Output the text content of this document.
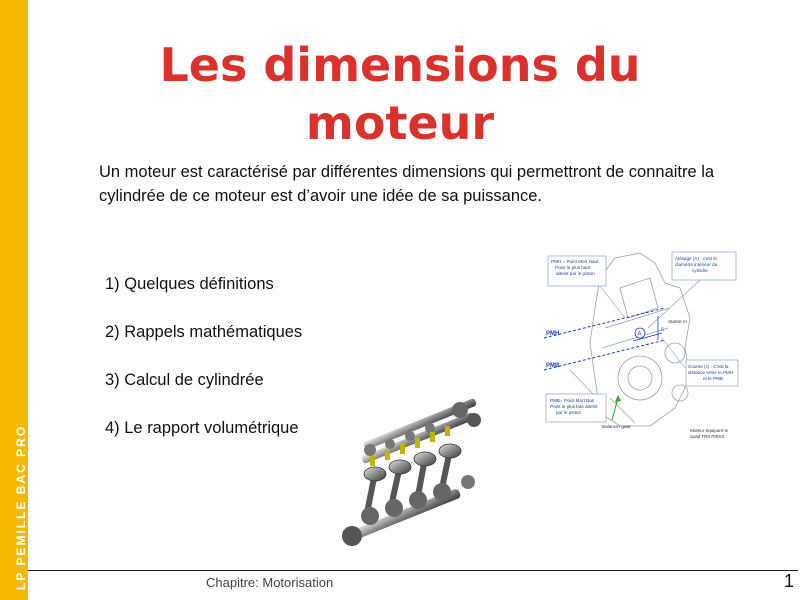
LP PEMILLE BAC PRO
Les dimensions du moteur
Un moteur est caractérisé par différentes dimensions qui permettront de connaitre la cylindrée de ce moteur est d’avoir une idée de sa puissance.
1) Quelques définitions
2) Rappels mathématiques
3) Calcul de cylindrée
4) Le rapport volumétrique
PMH = Point Mort Haut Point le plus haut atteint par le piston
Alésage (A) : c'est le diamètre intérieur du cylindre
PMH
PMB
A
c
Starter m
Course (c) : C'est la distance entre le PMH et le PMB
PMB= Point Mort Bas Point le plus bas atteint par le piston
Balancer gear
Moteur équipant le quad TRX700XX
Chapitre: Motorisation	1
